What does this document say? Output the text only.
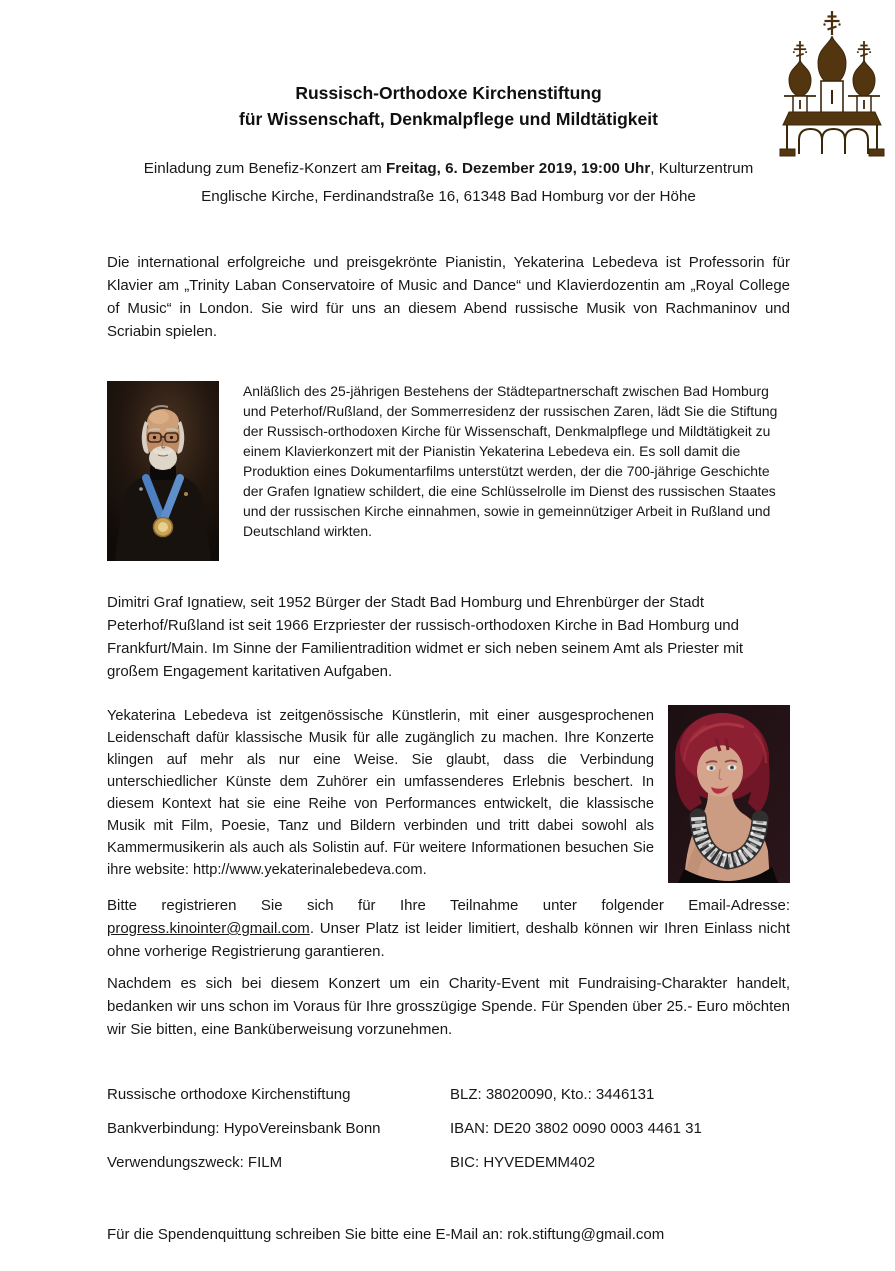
Russisch-Orthodoxe Kirchenstiftung
für Wissenschaft, Denkmalpflege und Mildtätigkeit
Einladung zum Benefiz-Konzert am Freitag, 6. Dezember 2019, 19:00 Uhr, Kulturzentrum
Englische Kirche, Ferdinandstraße 16, 61348 Bad Homburg vor der Höhe

Die international erfolgreiche und preisgekrönte Pianistin, Yekaterina Lebedeva ist Professorin für Klavier am „Trinity Laban Conservatoire of Music and Dance“ und Klavierdozentin am „Royal College of Music“ in London. Sie wird für uns an diesem Abend russische Musik von Rachmaninov und Scriabin spielen.

Anläßlich des 25-jährigen Bestehens der Städtepartnerschaft zwischen Bad Homburg und Peterhof/Rußland, der Sommerresidenz der russischen Zaren, lädt Sie die Stiftung der Russisch-orthodoxen Kirche für Wissenschaft, Denkmalpflege und Mildtätigkeit zu einem Klavierkonzert mit der Pianistin Yekaterina Lebedeva ein. Es soll damit die Produktion eines Dokumentarfilms unterstützt werden, der die 700-jährige Geschichte der Grafen Ignatiew schildert, die eine Schlüsselrolle im Dienst des russischen Staates und der russischen Kirche einnahmen, sowie in gemeinnütziger Arbeit in Rußland und Deutschland wirkten.

Dimitri Graf Ignatiew, seit 1952 Bürger der Stadt Bad Homburg und Ehrenbürger der Stadt Peterhof/Rußland ist seit 1966 Erzpriester der russisch-orthodoxen Kirche in Bad Homburg und Frankfurt/Main. Im Sinne der Familientradition widmet er sich neben seinem Amt als Priester mit großem Engagement karitativen Aufgaben.

Yekaterina Lebedeva ist zeitgenössische Künstlerin, mit einer ausgesprochenen Leidenschaft dafür klassische Musik für alle zugänglich zu machen. Ihre Konzerte klingen auf mehr als nur eine Weise. Sie glaubt, dass die Verbindung unterschiedlicher Künste dem Zuhörer ein umfassenderes Erlebnis beschert. In diesem Kontext hat sie eine Reihe von Performances entwickelt, die klassische Musik mit Film, Poesie, Tanz und Bildern verbinden und tritt dabei sowohl als Kammermusikerin als auch als Solistin auf. Für weitere Informationen besuchen Sie ihre website: http://www.yekaterinalebedeva.com.

Bitte registrieren Sie sich für Ihre Teilnahme unter folgender Email-Adresse: progress.kinointer@gmail.com. Unser Platz ist leider limitiert, deshalb können wir Ihren Einlass nicht ohne vorherige Registrierung garantieren.

Nachdem es sich bei diesem Konzert um ein Charity-Event mit Fundraising-Charakter handelt, bedanken wir uns schon im Voraus für Ihre grosszügige Spende. Für Spenden über 25.- Euro möchten wir Sie bitten, eine Banküberweisung vorzunehmen.

Russische orthodoxe Kirchenstiftung	BLZ: 38020090, Kto.: 3446131
Bankverbindung: HypoVereinsbank Bonn	IBAN: DE20 3802 0090 0003 4461 31
Verwendungszweck: FILM	BIC: HYVEDEMM402
Für die Spendenquittung schreiben Sie bitte eine E-Mail an: rok.stiftung@gmail.com
